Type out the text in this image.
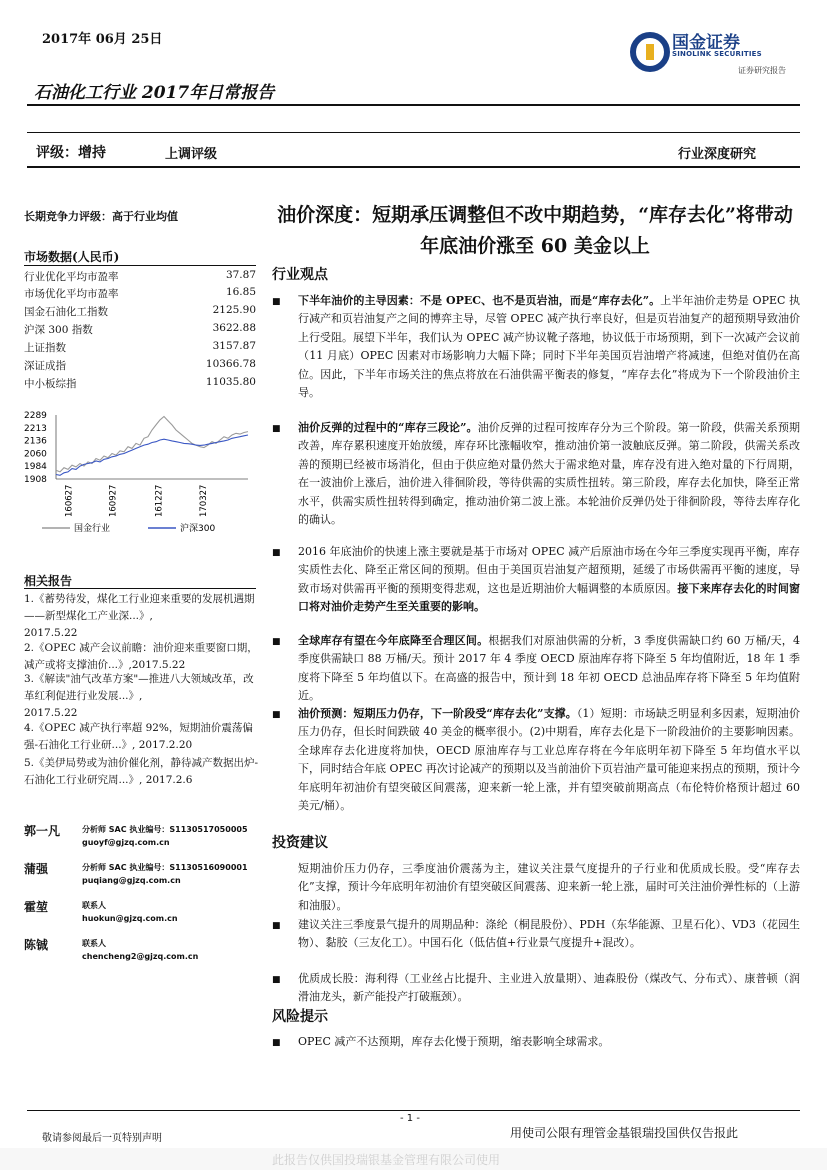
2017年 06月 25日
石油化工行业 2017年日常报告
国金证券
SINOLINK SECURITIES
证券研究报告
评级：增持	上调评级	行业深度研究
长期竞争力评级：高于行业均值
市场数据(人民币)
行业优化平均市盈率	37.87
市场优化平均市盈率	16.85
国金石油化工指数	2125.90
沪深 300 指数	3622.88
上证指数	3157.87
深证成指	10366.78
中小板综指	11035.80
2289
2213
2136
2060
1984
1908
160627	160927	161227	170327
国金行业	沪深300
相关报告
1.《蓄势待发，煤化工行业迎来重要的发展机遇期——新型煤化工产业深...》,
2017.5.22
2.《OPEC 减产会议前瞻：油价迎来重要窗口期，减产或将支撑油价...》,2017.5.22
3.《解读"油气改革方案"—推进八大领域改革，改革红利促进行业发展...》,
2017.5.22
4.《OPEC 减产执行率超 92%，短期油价震荡偏强-石油化工行业研...》, 2017.2.20
5.《美伊局势或为油价催化剂，静待减产数据出炉-石油化工行业研究周...》, 2017.2.6
郭一凡	分析师 SAC 执业编号：S1130517050005
guoyf@gjzq.com.cn
蒲强	分析师 SAC 执业编号：S1130516090001
puqiang@gjzq.com.cn
霍堃	联系人
huokun@gjzq.com.cn
陈铖	联系人
chencheng2@gjzq.com.cn
油价深度：短期承压调整但不改中期趋势，“库存去化”将带动年底油价涨至 60 美金以上
行业观点
■	下半年油价的主导因素：不是 OPEC、也不是页岩油，而是“库存去化”。上半年油价走势是 OPEC 执行减产和页岩油复产之间的博弈主导，尽管 OPEC 减产执行率良好，但是页岩油复产的超预期导致油价上行受阻。展望下半年，我们认为 OPEC 减产协议靴子落地，协议低于市场预期，到下一次减产会议前（11 月底）OPEC 因素对市场影响力大幅下降；同时下半年美国页岩油增产将减速，但绝对值仍在高位。因此，下半年市场关注的焦点将放在石油供需平衡表的修复，“库存去化”将成为下一个阶段油价主导。
■	油价反弹的过程中的“库存三段论”。油价反弹的过程可按库存分为三个阶段。第一阶段，供需关系预期改善，库存累积速度开始放缓，库存环比涨幅收窄，推动油价第一波触底反弹。第二阶段，供需关系改善的预期已经被市场消化，但由于供应绝对量仍然大于需求绝对量，库存没有进入绝对量的下行周期，在一波油价上涨后，油价进入徘徊阶段，等待供需的实质性扭转。第三阶段，库存去化加快，降至正常水平，供需实质性扭转得到确定，推动油价第二波上涨。本轮油价反弹仍处于徘徊阶段，等待去库存化的确认。
■	2016 年底油价的快速上涨主要就是基于市场对 OPEC 减产后原油市场在今年三季度实现再平衡，库存实质性去化、降至正常区间的预期。但由于美国页岩油复产超预期，延缓了市场供需再平衡的速度，导致市场对供需再平衡的预期变得悲观，这也是近期油价大幅调整的本质原因。接下来库存去化的时间窗口将对油价走势产生至关重要的影响。
■	全球库存有望在今年底降至合理区间。根据我们对原油供需的分析，3 季度供需缺口约 60 万桶/天，4 季度供需缺口 88 万桶/天。预计 2017 年 4 季度 OECD 原油库存将下降至 5 年均值附近，18 年 1 季度将下降至 5 年均值以下。在高盛的报告中，预计到 18 年初 OECD 总油品库存将下降至 5 年均值附近。
■	油价预测：短期压力仍存，下一阶段受“库存去化”支撑。（1）短期：市场缺乏明显利多因素，短期油价压力仍存，但长时间跌破 40 美金的概率很小。(2)中期看，库存去化是下一阶段油价的主要影响因素。全球库存去化进度将加快，OECD 原油库存与工业总库存将在今年底明年初下降至 5 年均值水平以下，同时结合年底 OPEC 再次讨论减产的预期以及当前油价下页岩油产量可能迎来拐点的预期，预计今年底明年初油价有望突破区间震荡，迎来新一轮上涨，并有望突破前期高点（布伦特价格预计超过 60 美元/桶）。
投资建议
短期油价压力仍存，三季度油价震荡为主，建议关注景气度提升的子行业和优质成长股。受“库存去化”支撑，预计今年底明年初油价有望突破区间震荡、迎来新一轮上涨，届时可关注油价弹性标的（上游和油服）。
■	建议关注三季度景气提升的周期品种：涤纶（桐昆股份）、PDH（东华能源、卫星石化）、VD3（花园生物）、黏胶（三友化工）。中国石化（低估值+行业景气度提升+混改）。
■	优质成长股：海利得（工业丝占比提升、主业进入放量期）、迪森股份（煤改气、分布式）、康普顿（润滑油龙头，新产能投产打破瓶颈）。
风险提示
■	OPEC 减产不达预期，库存去化慢于预期，缩表影响全球需求。
- 1 -
敬请参阅最后一页特别声明	用使司公限有理管金基银瑞投国供仅告报此
此报告仅供国投瑞银基金管理有限公司使用
